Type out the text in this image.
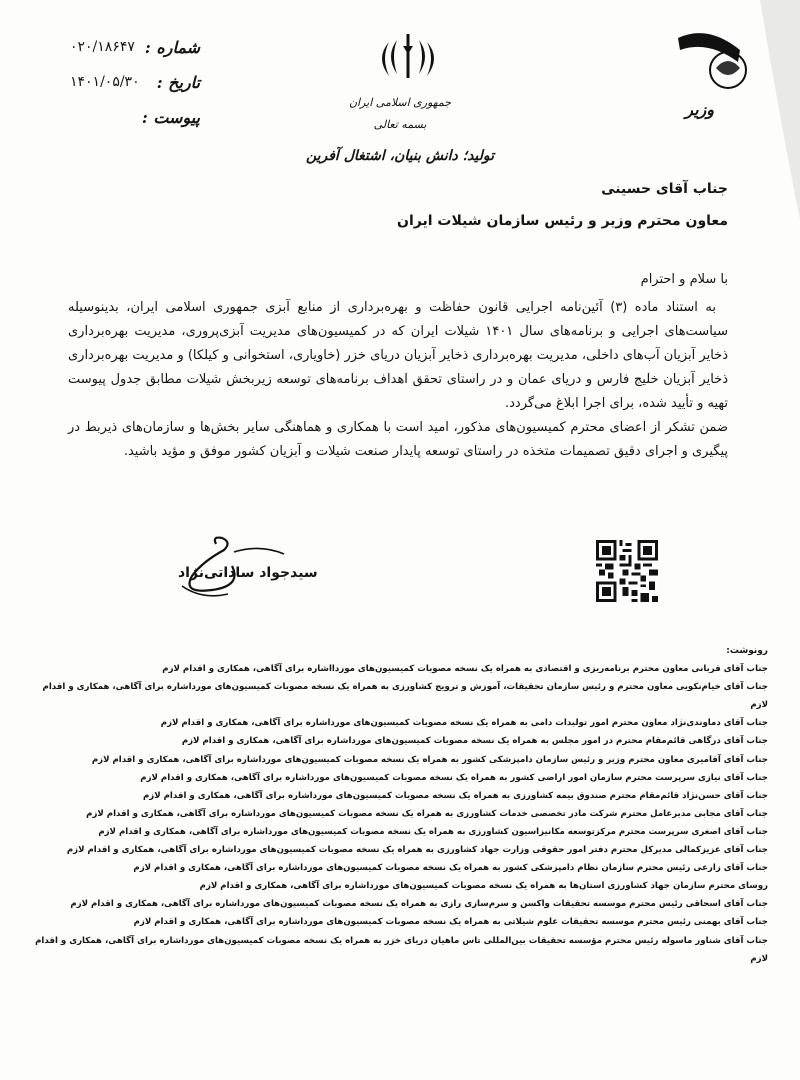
وزیر
جمهوری اسلامی ایران
بسمه تعالی
تولید؛ دانش بنیان، اشتغال آفرین
شماره :
۰۲۰/۱۸۶۴۷
تاریخ :
۱۴۰۱/۰۵/۳۰
پیوست :
جناب آقای حسینی
معاون محترم وزیر و رئیس سازمان شیلات ایران
با سلام و احترام

به استناد ماده (۳) آئین‌نامه اجرایی قانون حفاظت و بهره‌برداری از منابع آبزی جمهوری اسلامی ایران، بدینوسیله سیاست‌های اجرایی و برنامه‌های سال ۱۴۰۱ شیلات ایران که در کمیسیون‌های مدیریت آبزی‌پروری، مدیریت بهره‌برداری ذخایر آبزیان آب‌های داخلی، مدیریت بهره‌برداری ذخایر آبزیان دریای خزر (خاویاری، استخوانی و کیلکا) و مدیریت بهره‌برداری ذخایر آبزیان خلیج فارس و دریای عمان و در راستای تحقق اهداف برنامه‌های توسعه زیربخش شیلات مطابق جدول پیوست تهیه و تأیید شده، برای اجرا ابلاغ می‌گردد.

ضمن تشکر از اعضای محترم کمیسیون‌های مذکور، امید است با همکاری و هماهنگی سایر بخش‌ها و سازمان‌های ذیربط در پیگیری و اجرای دقیق تصمیمات متخذه در راستای توسعه پایدار صنعت شیلات و آبزیان کشور موفق و مؤید باشید.

سیدجواد ساداتی‌نژاد
رونوشت:
جناب آقای قربانی معاون محترم برنامه‌ریزی و اقتصادی به همراه یک نسخه مصوبات کمیسیون‌های موردااشاره برای آگاهی، همکاری و اقدام لازم
جناب آقای خیام‌نکویی معاون محترم و رئیس سازمان تحقیقات، آموزش و ترویج کشاورزی به همراه یک نسخه مصوبات کمیسیون‌های مورداشاره برای آگاهی، همکاری و اقدام لازم
جناب آقای دماوندی‌نژاد معاون محترم امور تولیدات دامی به همراه یک نسخه مصوبات کمیسیون‌های مورداشاره برای آگاهی، همکاری و اقدام لازم
جناب آقای درگاهی قائم‌مقام محترم در امور مجلس به همراه یک نسخه مصوبات کمیسیون‌های مورداشاره برای آگاهی، همکاری و اقدام لازم
جناب آقای آقامیری معاون محترم وزیر و رئیس سازمان دامپزشکی کشور به همراه یک نسخه مصوبات کمیسیون‌های مورداشاره برای آگاهی، همکاری و اقدام لازم
جناب آقای نیازی سرپرست محترم سازمان امور اراضی کشور به همراه یک نسخه مصوبات کمیسیون‌های مورداشاره برای آگاهی، همکاری و اقدام لازم
جناب آقای حسن‌نژاد قائم‌مقام محترم صندوق بیمه کشاورزی به همراه یک نسخه مصوبات کمیسیون‌های مورداشاره برای آگاهی، همکاری و اقدام لازم
جناب آقای مجابی مدیرعامل محترم شرکت مادر تخصصی خدمات کشاورزی به همراه یک نسخه مصوبات کمیسیون‌های مورداشاره برای آگاهی، همکاری و اقدام لازم
جناب آقای اصغری سرپرست محترم مرکزتوسعه مکانیزاسیون کشاورزی به همراه یک نسخه مصوبات کمیسیون‌های مورداشاره برای آگاهی، همکاری و اقدام لازم
جناب آقای عزیزکمالی مدیرکل محترم دفتر امور حقوقی وزارت جهاد کشاورزی به همراه یک نسخه مصوبات کمیسیون‌های مورداشاره برای آگاهی، همکاری و اقدام لازم
جناب آقای زارعی رئیس محترم سازمان نظام دامپزشکی کشور به همراه یک نسخه مصوبات کمیسیون‌های مورداشاره برای آگاهی، همکاری و اقدام لازم
روسای محترم سازمان جهاد کشاورزی استان‌ها به همراه یک نسخه مصوبات کمیسیون‌های مورداشاره برای آگاهی، همکاری و اقدام لازم
جناب آقای اسحاقی رئیس محترم موسسه تحقیقات واکسن و سرم‌سازی رازی به همراه یک نسخه مصوبات کمیسیون‌های مورداشاره برای آگاهی، همکاری و اقدام لازم
جناب آقای بهمنی رئیس محترم موسسه تحقیقات علوم شیلاتی به همراه یک نسخه مصوبات کمیسیون‌های مورداشاره برای آگاهی، همکاری و اقدام لازم
جناب آقای شناور ماسوله رئیس محترم مؤسسه تحقیقات بین‌المللی تاس ماهیان دریای خزر به همراه یک نسخه مصوبات کمیسیون‌های مورداشاره برای آگاهی، همکاری و اقدام لازم
